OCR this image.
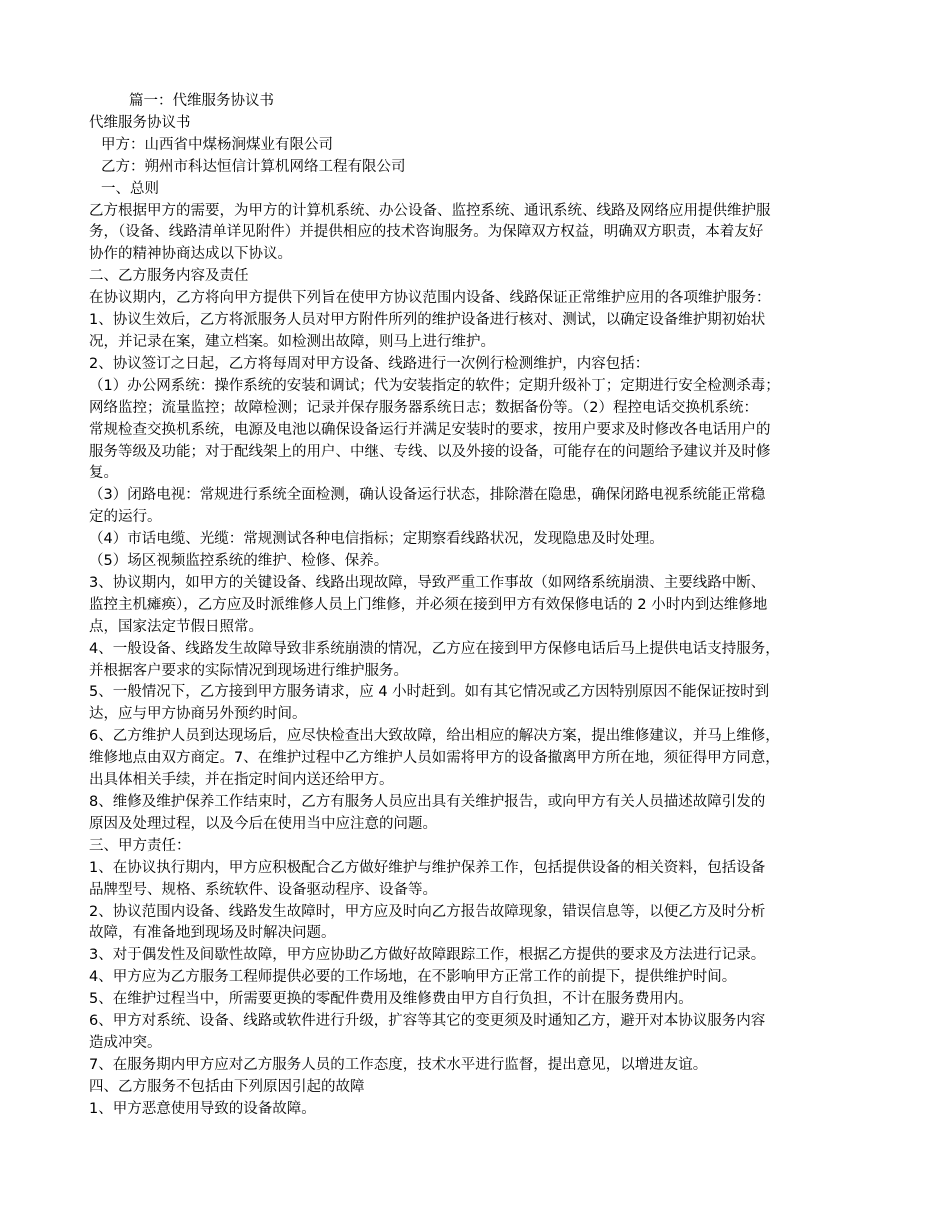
篇一：代维服务协议书

代维服务协议书

甲方：山西省中煤杨涧煤业有限公司

乙方：朔州市科达恒信计算机网络工程有限公司

一、总则

乙方根据甲方的需要，为甲方的计算机系统、办公设备、监控系统、通讯系统、线路及网络应用提供维护服

务，（设备、线路清单详见附件）并提供相应的技术咨询服务。为保障双方权益，明确双方职责，本着友好

协作的精神协商达成以下协议。

二、乙方服务内容及责任

在协议期内，乙方将向甲方提供下列旨在使甲方协议范围内设备、线路保证正常维护应用的各项维护服务：

1、协议生效后，乙方将派服务人员对甲方附件所列的维护设备进行核对、测试，以确定设备维护期初始状

况，并记录在案，建立档案。如检测出故障，则马上进行维护。

2、协议签订之日起，乙方将每周对甲方设备、线路进行一次例行检测维护，内容包括：

（1）办公网系统：操作系统的安装和调试；代为安装指定的软件；定期升级补丁；定期进行安全检测杀毒；

网络监控；流量监控；故障检测；记录并保存服务器系统日志；数据备份等。（2）程控电话交换机系统：

常规检查交换机系统，电源及电池以确保设备运行并满足安装时的要求，按用户要求及时修改各电话用户的

服务等级及功能；对于配线架上的用户、中继、专线、以及外接的设备，可能存在的问题给予建议并及时修

复。

（3）闭路电视：常规进行系统全面检测，确认设备运行状态，排除潜在隐患，确保闭路电视系统能正常稳

定的运行。

（4）市话电缆、光缆：常规测试各种电信指标；定期察看线路状况，发现隐患及时处理。

（5）场区视频监控系统的维护、检修、保养。

3、协议期内，如甲方的关键设备、线路出现故障，导致严重工作事故（如网络系统崩溃、主要线路中断、

监控主机瘫痪），乙方应及时派维修人员上门维修，并必须在接到甲方有效保修电话的 2 小时内到达维修地

点，国家法定节假日照常。

4、一般设备、线路发生故障导致非系统崩溃的情况，乙方应在接到甲方保修电话后马上提供电话支持服务，

并根据客户要求的实际情况到现场进行维护服务。

5、一般情况下，乙方接到甲方服务请求，应 4 小时赶到。如有其它情况或乙方因特别原因不能保证按时到

达，应与甲方协商另外预约时间。

6、乙方维护人员到达现场后，应尽快检查出大致故障，给出相应的解决方案，提出维修建议，并马上维修，

维修地点由双方商定。7、在维护过程中乙方维护人员如需将甲方的设备撤离甲方所在地，须征得甲方同意，

出具体相关手续，并在指定时间内送还给甲方。

8、维修及维护保养工作结束时，乙方有服务人员应出具有关维护报告，或向甲方有关人员描述故障引发的

原因及处理过程，以及今后在使用当中应注意的问题。

三、甲方责任：

1、在协议执行期内，甲方应积极配合乙方做好维护与维护保养工作，包括提供设备的相关资料，包括设备

品牌型号、规格、系统软件、设备驱动程序、设备等。

2、协议范围内设备、线路发生故障时，甲方应及时向乙方报告故障现象，错误信息等，以便乙方及时分析

故障，有准备地到现场及时解决问题。

3、对于偶发性及间歇性故障，甲方应协助乙方做好故障跟踪工作，根据乙方提供的要求及方法进行记录。

4、甲方应为乙方服务工程师提供必要的工作场地，在不影响甲方正常工作的前提下，提供维护时间。

5、在维护过程当中，所需要更换的零配件费用及维修费由甲方自行负担，不计在服务费用内。

6、甲方对系统、设备、线路或软件进行升级，扩容等其它的变更须及时通知乙方，避开对本协议服务内容

造成冲突。

7、在服务期内甲方应对乙方服务人员的工作态度，技术水平进行监督，提出意见，以增进友谊。

四、乙方服务不包括由下列原因引起的故障

1、甲方恶意使用导致的设备故障。
